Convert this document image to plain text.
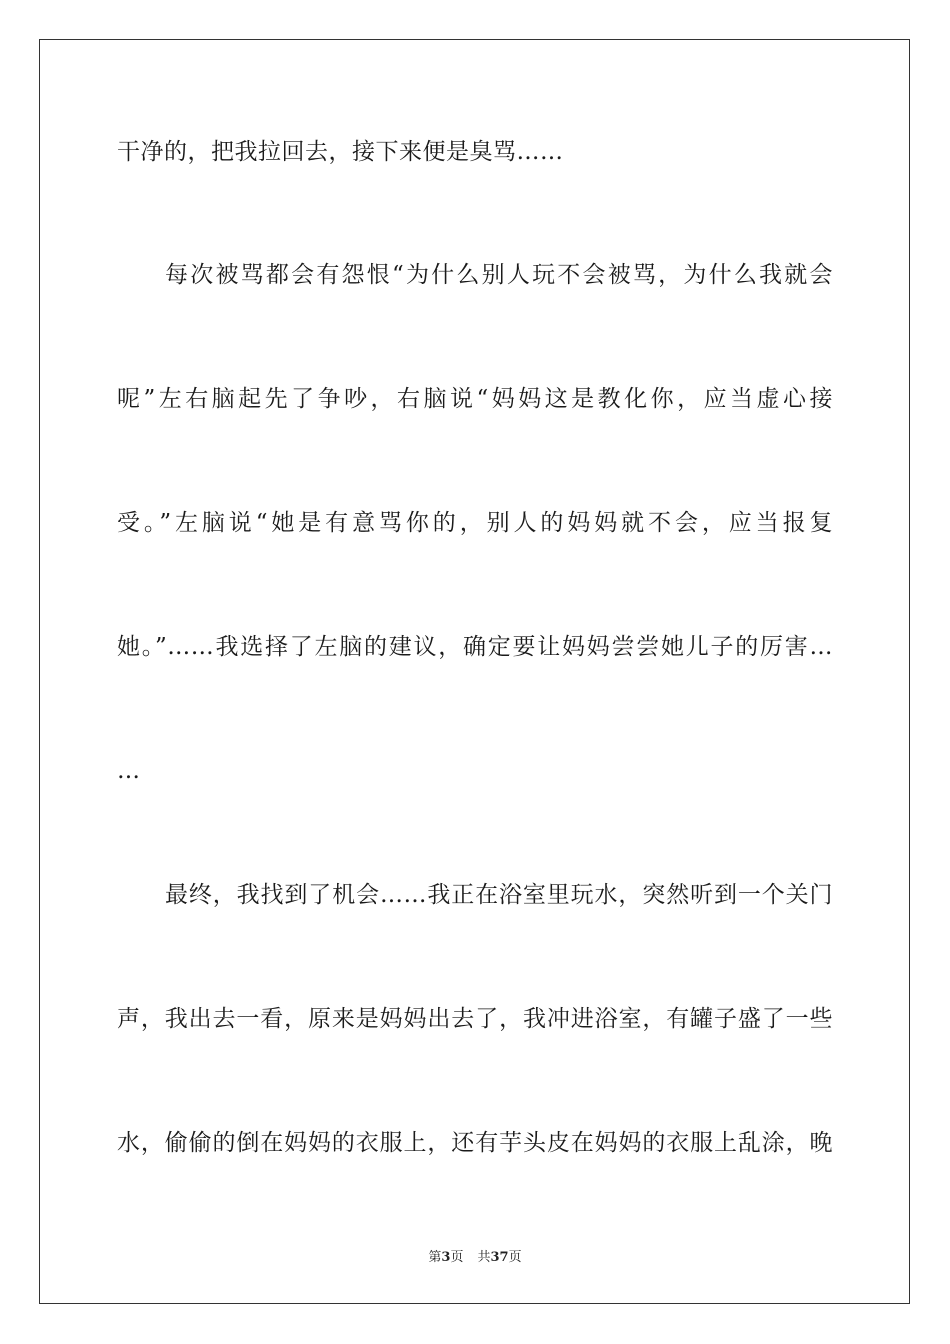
干净的，把我拉回去，接下来便是臭骂……
每次被骂都会有怨恨“为什么别人玩不会被骂，为什么我就会
呢”左右脑起先了争吵，右脑说“妈妈这是教化你，应当虚心接
受。”左脑说“她是有意骂你的，别人的妈妈就不会，应当报复
她。”……我选择了左脑的建议，确定要让妈妈尝尝她儿子的厉害…
…
最终，我找到了机会……我正在浴室里玩水，突然听到一个关门
声，我出去一看，原来是妈妈出去了，我冲进浴室，有罐子盛了一些
水，偷偷的倒在妈妈的衣服上，还有芋头皮在妈妈的衣服上乱涂，晚
第3页 共37页
